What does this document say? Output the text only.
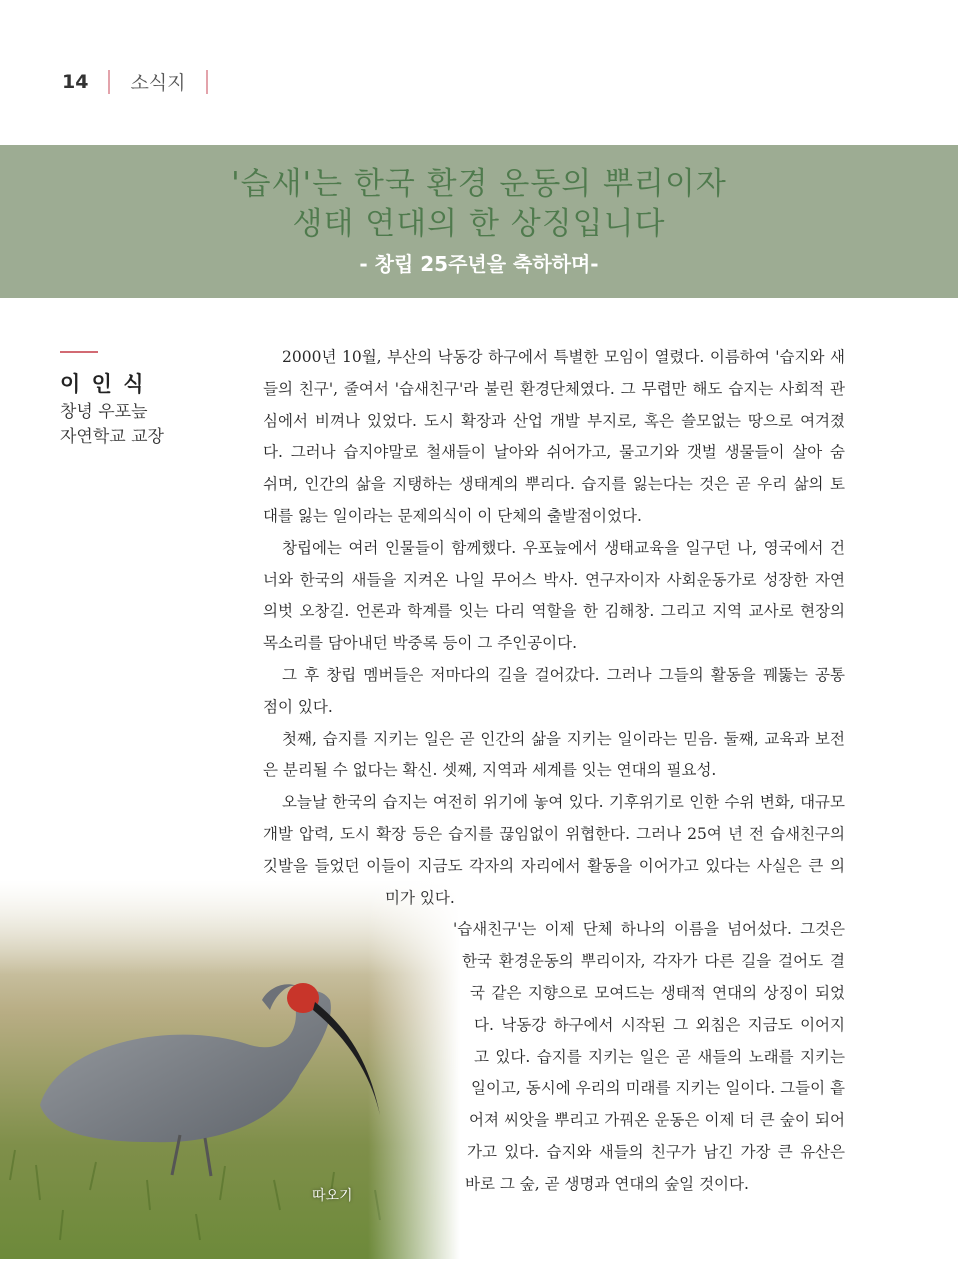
14 소식지
'습새'는 한국 환경 운동의 뿌리이자
생태 연대의 한 상징입니다
- 창립 25주년을 축하하며-
이 인 식
창녕 우포늪
자연학교 교장
따오기
2000년 10월, 부산의 낙동강 하구에서 특별한 모임이 열렸다. 이름하여 '습지와 새
들의 친구', 줄여서 '습새친구'라 불린 환경단체였다. 그 무렵만 해도 습지는 사회적 관
심에서 비껴나 있었다. 도시 확장과 산업 개발 부지로, 혹은 쓸모없는 땅으로 여겨졌
다. 그러나 습지야말로 철새들이 날아와 쉬어가고, 물고기와 갯벌 생물들이 살아 숨
쉬며, 인간의 삶을 지탱하는 생태계의 뿌리다. 습지를 잃는다는 것은 곧 우리 삶의 토
대를 잃는 일이라는 문제의식이 이 단체의 출발점이었다.
창립에는 여러 인물들이 함께했다. 우포늪에서 생태교육을 일구던 나, 영국에서 건
너와 한국의 새들을 지켜온 나일 무어스 박사. 연구자이자 사회운동가로 성장한 자연
의벗 오창길. 언론과 학계를 잇는 다리 역할을 한 김해창. 그리고 지역 교사로 현장의
목소리를 담아내던 박중록 등이 그 주인공이다.
그 후 창립 멤버들은 저마다의 길을 걸어갔다. 그러나 그들의 활동을 꿰뚫는 공통
점이 있다.
첫째, 습지를 지키는 일은 곧 인간의 삶을 지키는 일이라는 믿음. 둘째, 교육과 보전
은 분리될 수 없다는 확신. 셋째, 지역과 세계를 잇는 연대의 필요성.
오늘날 한국의 습지는 여전히 위기에 놓여 있다. 기후위기로 인한 수위 변화, 대규모
개발 압력, 도시 확장 등은 습지를 끊임없이 위협한다. 그러나 25여 년 전 습새친구의
깃발을 들었던 이들이 지금도 각자의 자리에서 활동을 이어가고 있다는 사실은 큰 의
미가 있다.
'습새친구'는 이제 단체 하나의 이름을 넘어섰다. 그것은
한국 환경운동의 뿌리이자, 각자가 다른 길을 걸어도 결
국 같은 지향으로 모여드는 생태적 연대의 상징이 되었
다. 낙동강 하구에서 시작된 그 외침은 지금도 이어지
고 있다. 습지를 지키는 일은 곧 새들의 노래를 지키는
일이고, 동시에 우리의 미래를 지키는 일이다. 그들이 흩
어져 씨앗을 뿌리고 가꿔온 운동은 이제 더 큰 숲이 되어
가고 있다. 습지와 새들의 친구가 남긴 가장 큰 유산은
바로 그 숲, 곧 생명과 연대의 숲일 것이다.
